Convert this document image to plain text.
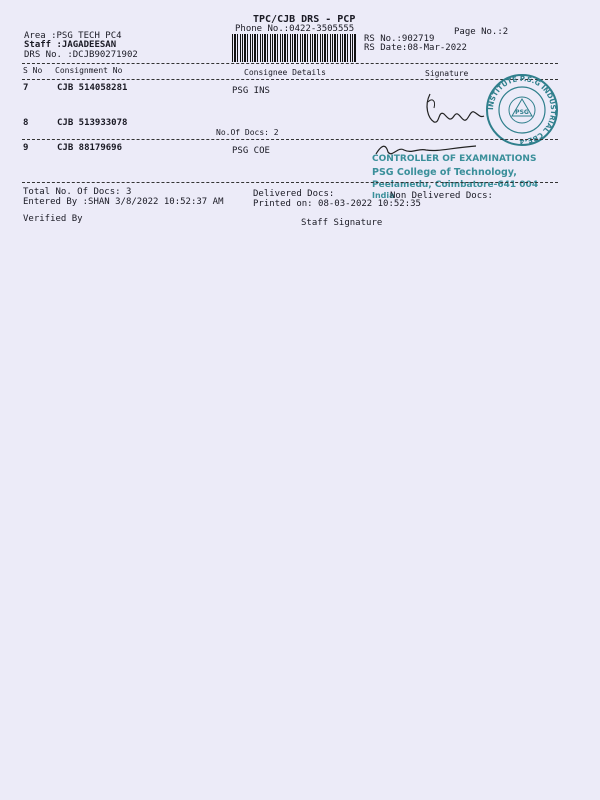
TPC/CJB DRS - PCP
Phone No.:0422-3505555
Area :PSG TECH PC4
Staff :JAGADEESAN
DRS No. :DCJB90271902
RS No.:902719
RS Date:08-Mar-2022
Page No.:2
S No Consignment No	Consignee Details	Signature
7	CJB 514058281	PSG INS
PSG
INSTITUTE P.S.G INDUSTRIAL CBE-4
8	CJB 513933078
No.Of Docs: 2
9	CJB 88179696	PSG COE
CONTROLLER OF EXAMINATIONS
PSG College of Technology,
Peelamedu, Coimbatore-641 004
India
Total No. Of Docs: 3
Entered By :SHAN 3/8/2022 10:52:37 AM
Delivered Docs:	Non Delivered Docs:
Printed on: 08-03-2022 10:52:35
Verified By	Staff Signature
